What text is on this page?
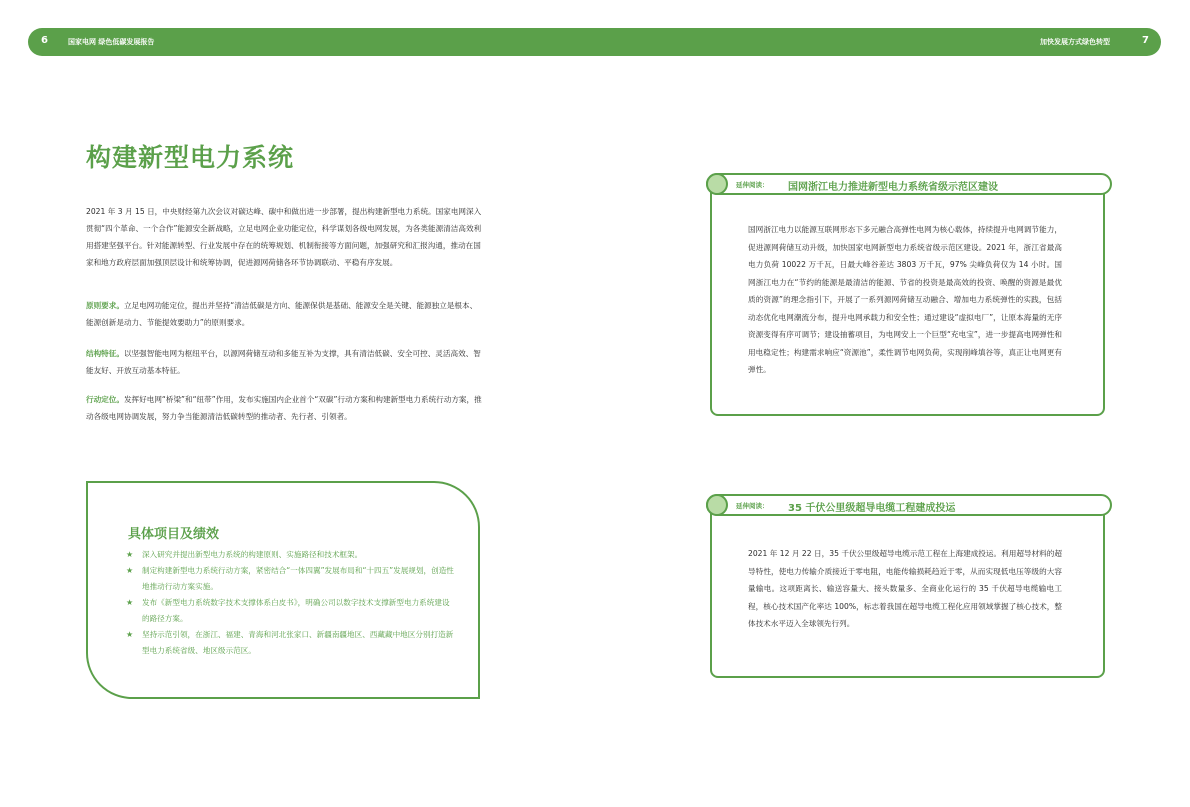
6	国家电网 绿色低碳发展报告	加快发展方式绿色转型	7
构建新型电力系统

2021 年 3 月 15 日，中央财经第九次会议对碳达峰、碳中和做出进一步部署，提出构建新型电力系统。国家电网深入贯彻“四个革命、一个合作”能源安全新战略，立足电网企业功能定位，科学谋划各级电网发展，为各类能源清洁高效利用搭建坚强平台。针对能源转型、行业发展中存在的统筹规划、机制衔接等方面问题，加强研究和汇报沟通，推动在国家和地方政府层面加强顶层设计和统筹协调，促进源网荷储各环节协调联动、平稳有序发展。

原则要求。立足电网功能定位，提出并坚持“清洁低碳是方向、能源保供是基础、能源安全是关键、能源独立是根本、能源创新是动力、节能提效要助力”的原则要求。

结构特征。以坚强智能电网为枢纽平台，以源网荷储互动和多能互补为支撑，具有清洁低碳、安全可控、灵活高效、智能友好、开放互动基本特征。

行动定位。发挥好电网“桥梁”和“纽带”作用，发布实施国内企业首个“双碳”行动方案和构建新型电力系统行动方案，推动各级电网协调发展，努力争当能源清洁低碳转型的推动者、先行者、引领者。

具体项目及绩效
★ 深入研究并提出新型电力系统的构建原则、实施路径和技术框架。
★ 制定构建新型电力系统行动方案，紧密结合“一体四翼”发展布局和“十四五”发展规划，创造性地推动行动方案实施。
★ 发布《新型电力系统数字技术支撑体系白皮书》，明确公司以数字技术支撑新型电力系统建设的路径方案。
★ 坚持示范引领，在浙江、福建、青海和河北张家口、新疆南疆地区、西藏藏中地区分别打造新型电力系统省级、地区级示范区。
延伸阅读： 国网浙江电力推进新型电力系统省级示范区建设

国网浙江电力以能源互联网形态下多元融合高弹性电网为核心载体，持续提升电网调节能力，促进源网荷储互动升级，加快国家电网新型电力系统省级示范区建设。2021 年，浙江省最高电力负荷 10022 万千瓦，日最大峰谷差达 3803 万千瓦，97% 尖峰负荷仅为 14 小时。国网浙江电力在“节约的能源是最清洁的能源、节省的投资是最高效的投资、唤醒的资源是最优质的资源”的理念指引下，开展了一系列源网荷储互动融合、增加电力系统弹性的实践，包括动态优化电网潮流分布，提升电网承载力和安全性；通过建设“虚拟电厂”，让原本海量的无序资源变得有序可调节；建设抽蓄项目，为电网安上一个巨型“充电宝”，进一步提高电网弹性和用电稳定性；构建需求响应“资源池”，柔性调节电网负荷，实现削峰填谷等，真正让电网更有弹性。

延伸阅读： 35 千伏公里级超导电缆工程建成投运

2021 年 12 月 22 日，35 千伏公里级超导电缆示范工程在上海建成投运。利用超导材料的超导特性，使电力传输介质接近于零电阻，电能传输损耗趋近于零，从而实现低电压等级的大容量输电。这项距离长、输送容量大、接头数量多、全商业化运行的 35 千伏超导电缆输电工程，核心技术国产化率达 100%，标志着我国在超导电缆工程化应用领域掌握了核心技术，整体技术水平迈入全球领先行列。
